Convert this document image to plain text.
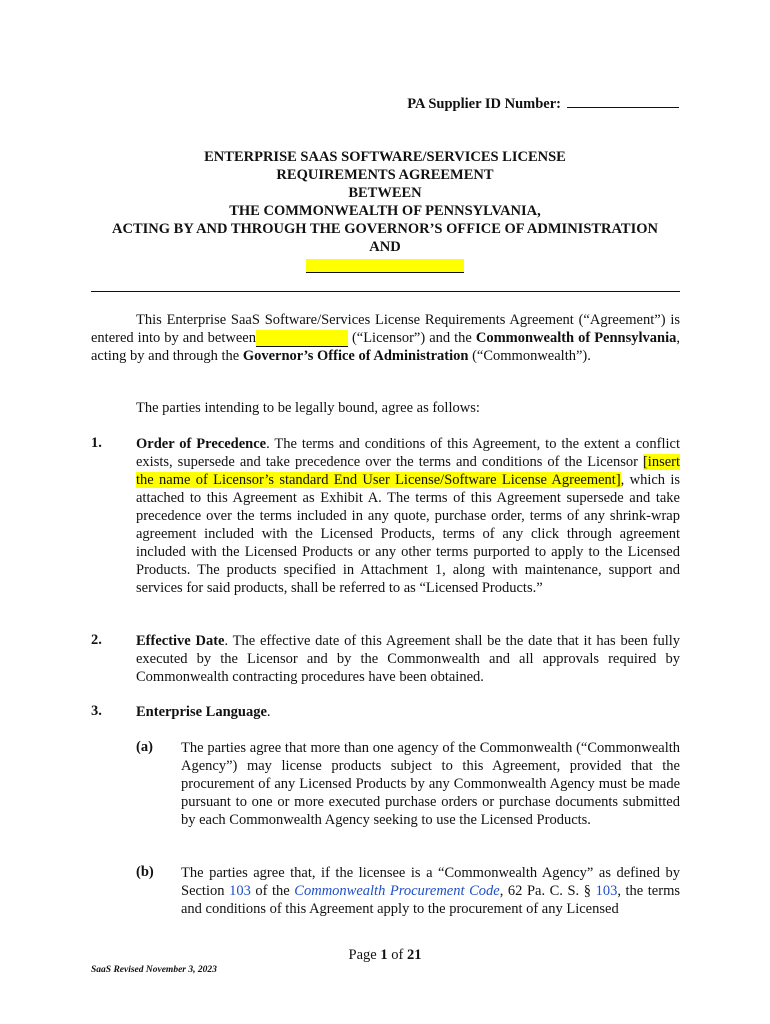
PA Supplier ID Number:
ENTERPRISE SAAS SOFTWARE/SERVICES LICENSE
REQUIREMENTS AGREEMENT
BETWEEN
THE COMMONWEALTH OF PENNSYLVANIA,
ACTING BY AND THROUGH THE GOVERNOR’S OFFICE OF ADMINISTRATION
AND

This Enterprise SaaS Software/Services License Requirements Agreement (“Agreement”) is entered into by and between ​                       (“Licensor”) and the Commonwealth of Pennsylvania, acting by and through the Governor’s Office of Administration (“Commonwealth”).

The parties intending to be legally bound, agree as follows:
1. Order of Precedence. The terms and conditions of this Agreement, to the extent a conflict exists, supersede and take precedence over the terms and conditions of the Licensor [insert the name of Licensor’s standard End User License/Software License Agreement], which is attached to this Agreement as Exhibit A. The terms of this Agreement supersede and take precedence over the terms included in any quote, purchase order, terms of any shrink-wrap agreement included with the Licensed Products, terms of any click through agreement included with the Licensed Products or any other terms purported to apply to the Licensed Products. The products specified in Attachment 1, along with maintenance, support and services for said products, shall be referred to as “Licensed Products.”
2. Effective Date. The effective date of this Agreement shall be the date that it has been fully executed by the Licensor and by the Commonwealth and all approvals required by Commonwealth contracting procedures have been obtained.
3. Enterprise Language.
(a) The parties agree that more than one agency of the Commonwealth (“Commonwealth Agency”) may license products subject to this Agreement, provided that the procurement of any Licensed Products by any Commonwealth Agency must be made pursuant to one or more executed purchase orders or purchase documents submitted by each Commonwealth Agency seeking to use the Licensed Products.
(b) The parties agree that, if the licensee is a “Commonwealth Agency” as defined by Section 103 of the Commonwealth Procurement Code, 62 Pa. C. S. § 103, the terms and conditions of this Agreement apply to the procurement of any Licensed
Page 1 of 21
SaaS Revised November 3, 2023
